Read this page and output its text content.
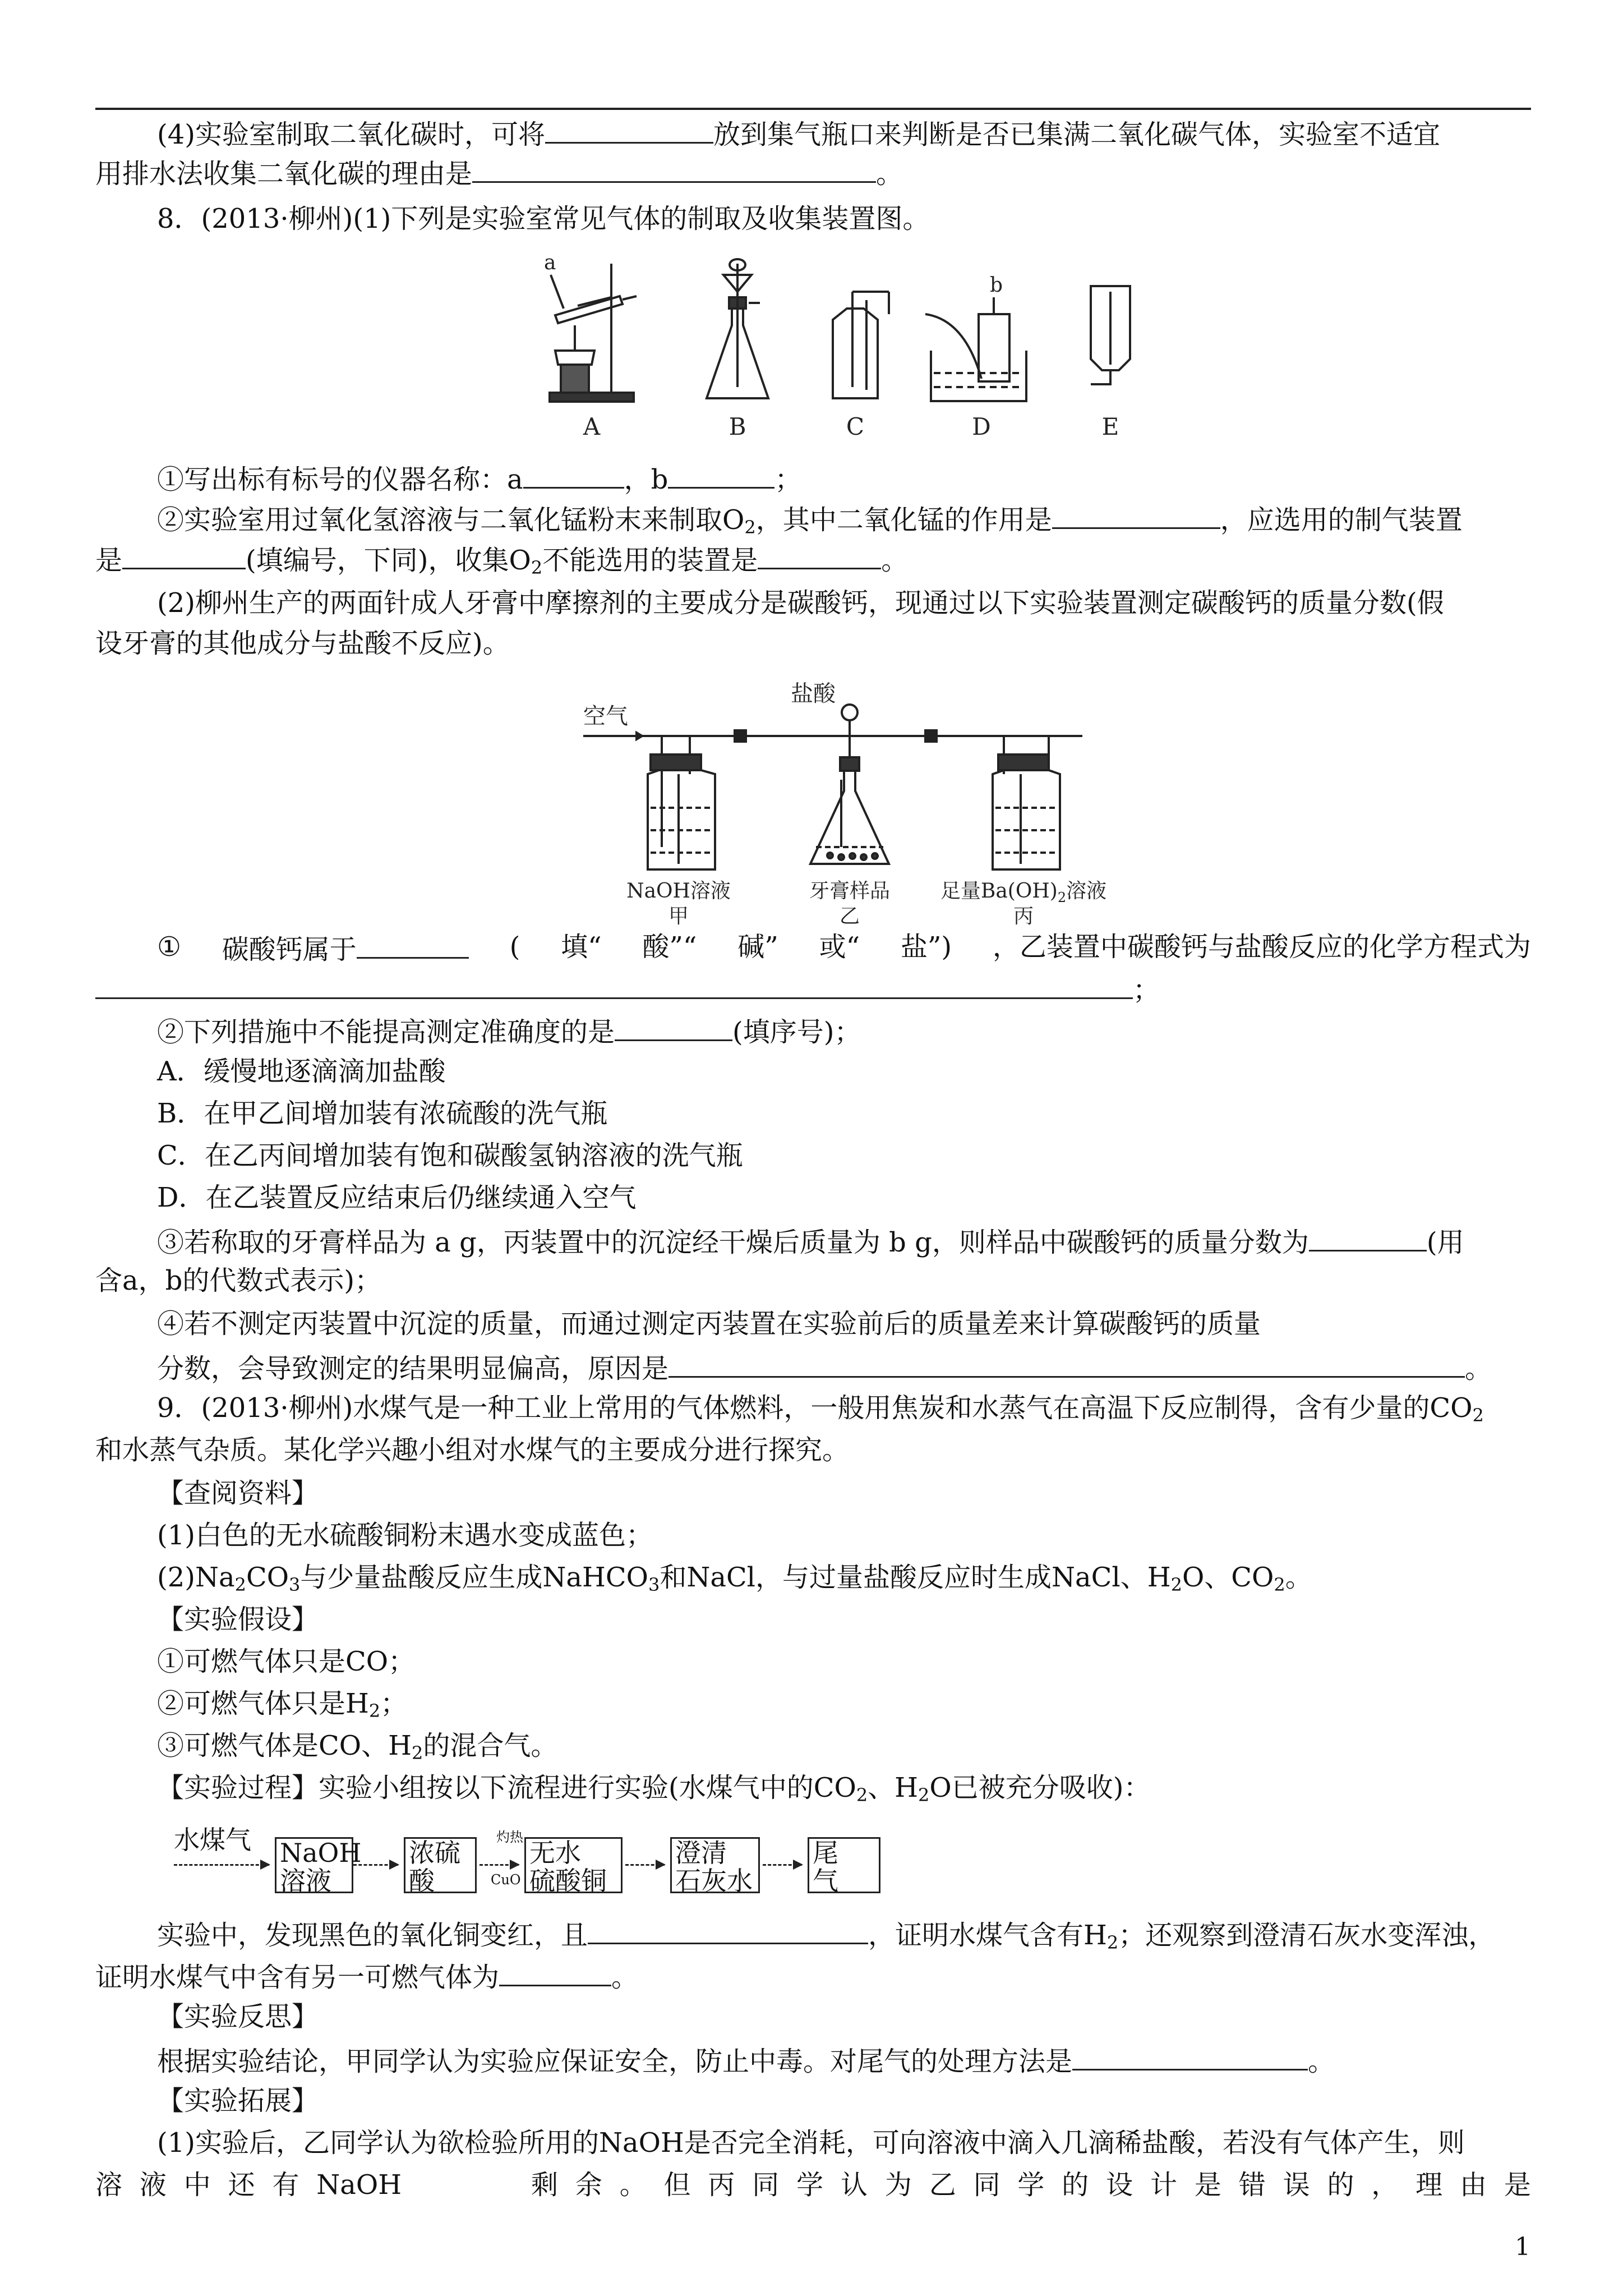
(4)实验室制取二氧化碳时，可将	放到集气瓶口来判断是否已集满二氧化碳气体，实验室不适宜
用排水法收集二氧化碳的理由是	。
8．(2013·柳州)(1)下列是实验室常见气体的制取及收集装置图。
a
b
A	B	C	D	E
①写出标有标号的仪器名称：a	，b	；
②实验室用过氧化氢溶液与二氧化锰粉末来制取$O_2$，其中二氧化锰的作用是	，应选用的制气装置
是	(填编号，下同)，收集$O_2$不能选用的装置是	。
(2)柳州生产的两面针成人牙膏中摩擦剂的主要成分是碳酸钙，现通过以下实验装置测定碳酸钙的质量分数(假
设牙膏的其他成分与盐酸不反应)。
空气
盐酸
NaOH溶液
甲
牙膏样品
乙
足量$Ba(OH)_2$溶液
丙
① 碳酸钙属于	( 填“ 酸”“ 碱” 或“ 盐”) ，乙装置中碳酸钙与盐酸反应的化学方程式为
；
②下列措施中不能提高测定准确度的是	(填序号)；
A．缓慢地逐滴滴加盐酸
B．在甲乙间增加装有浓硫酸的洗气瓶
C．在乙丙间增加装有饱和碳酸氢钠溶液的洗气瓶
D．在乙装置反应结束后仍继续通入空气
③若称取的牙膏样品为 a g，丙装置中的沉淀经干燥后质量为 b g，则样品中碳酸钙的质量分数为	(用
含a，b的代数式表示)；
④若不测定丙装置中沉淀的质量，而通过测定丙装置在实验前后的质量差来计算碳酸钙的质量
分数，会导致测定的结果明显偏高，原因是	。
9．(2013·柳州)水煤气是一种工业上常用的气体燃料，一般用焦炭和水蒸气在高温下反应制得，含有少量的$CO_2$
和水蒸气杂质。某化学兴趣小组对水煤气的主要成分进行探究。
【查阅资料】
(1)白色的无水硫酸铜粉末遇水变成蓝色；
$(2)Na_2CO_3$与少量盐酸反应生成NaHCO$_3$和NaCl，与过量盐酸反应时生成NaCl、$H_2O$、$CO_2$。
【实验假设】
①可燃气体只是CO；
②可燃气体只是$H_2$；
③可燃气体是CO、$H_2$的混合气。
【实验过程】实验小组按以下流程进行实验(水煤气中的$CO_2$、$H_2O$已被充分吸收)：
水煤气 NaOH
溶液
浓硫
酸
灼热
CuO
无水
硫酸铜
澄清
石灰水
尾
气
实验中，发现黑色的氧化铜变红，且	，证明水煤气含有$H_2$；还观察到澄清石灰水变浑浊，
证明水煤气中含有另一可燃气体为	。
【实验反思】
根据实验结论，甲同学认为实验应保证安全，防止中毒。对尾气的处理方法是	。
【实验拓展】
(1)实验后，乙同学认为欲检验所用的NaOH是否完全消耗，可向溶液中滴入几滴稀盐酸，若没有气体产生，则
溶 液 中 还 有 NaOH	剩 余 。 但 丙 同 学 认 为 乙 同 学 的 设 计 是 错 误 的 ， 理 由 是
1
